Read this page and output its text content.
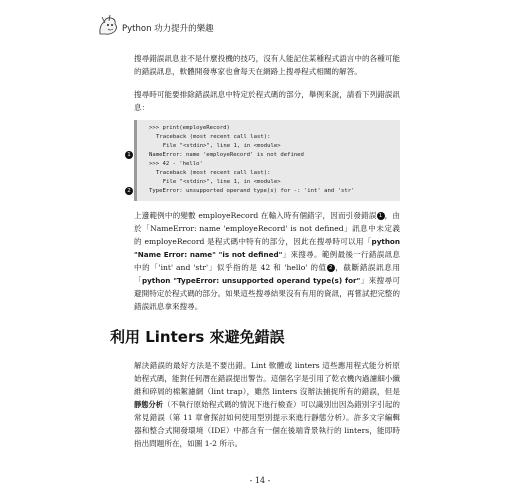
Python 功力提升的樂趣

搜尋錯誤訊息並不是什麼投機的技巧，沒有人能記住某種程式語言中的各種可能的錯誤訊息，軟體開發專家也會每天在網路上搜尋程式相關的解答。

搜尋時可能要排除錯誤訊息中特定於程式碼的部分，舉例來說，請看下列錯誤訊息：

>>> print(employeRecord)
Traceback (most recent call last):
File "<stdin>", line 1, in <module>
1	NameError: name 'employeRecord' is not defined
>>> 42 - 'hello'
Traceback (most recent call last):
File "<stdin>", line 1, in <module>
2	TypeError: unsupported operand type(s) for -: 'int' and 'str'

上邊範例中的變數 employeRecord 在輸入時有個錯字，因而引發錯誤 1 ，由於「NameError: name 'employeRecord' is not defined」訊息中未定義的 employeRecord 是程式碼中特有的部分，因此在搜尋時可以用「python "Name Error: name" "is not defined"」來搜尋。範例最後一行錯誤訊息中的「'int' and 'str'」似乎指的是 42 和 'hello' 的值 2 ，截斷錯誤訊息用「python "TypeError: unsupported operand type(s) for"」來搜尋可避開特定於程式碼的部分。如果這些搜尋結果沒有有用的資訊，再嘗試把完整的錯誤訊息拿來搜尋。

利用 Linters 來避免錯誤

解決錯誤的最好方法是不要出錯。Lint 軟體或 linters 這些應用程式能分析原始程式碼，能對任何潛在錯誤提出警告。這個名字是引用了乾衣機內過濾細小纖維和碎屑的棉絮濾網（lint trap），雖然 linters 沒辦法捕捉所有的錯誤，但是靜態分析（不執行原始程式碼的情況下進行檢查）可以識別出因為錯別字引起的常見錯誤（第 11 章會探討如何使用型別提示來進行靜態分析）。許多文字編輯器和整合式開發環境（IDE）中都含有一個在後端背景執行的 linters，能即時指出問題所在，如圖 1-2 所示。

- 14 -
